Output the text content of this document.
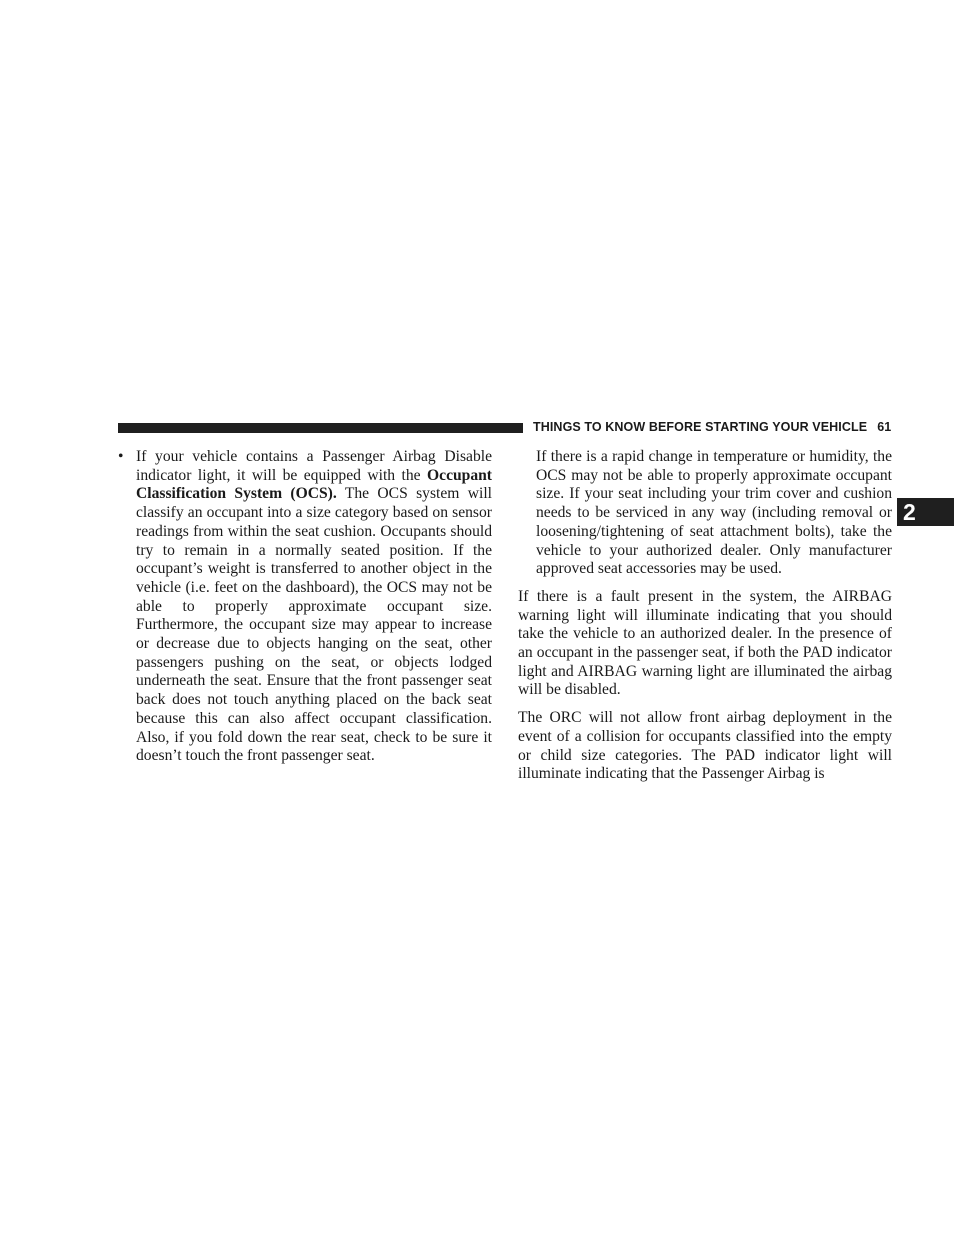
THINGS TO KNOW BEFORE STARTING YOUR VEHICLE 61
2
• If your vehicle contains a Passenger Airbag Disable indicator light, it will be equipped with the Occupant Classification System (OCS). The OCS system will classify an occupant into a size category based on sensor readings from within the seat cushion. Occupants should try to remain in a normally seated position. If the occupant’s weight is transferred to another object in the vehicle (i.e. feet on the dashboard), the OCS may not be able to properly approximate occupant size. Furthermore, the occupant size may appear to increase or decrease due to objects hanging on the seat, other passengers pushing on the seat, or objects lodged underneath the seat. Ensure that the front passenger seat back does not touch anything placed on the back seat because this can also affect occupant classification. Also, if you fold down the rear seat, check to be sure it doesn’t touch the front passenger seat.

If there is a rapid change in temperature or humidity, the OCS may not be able to properly approximate occupant size. If your seat including your trim cover and cushion needs to be serviced in any way (including removal or loosening/tightening of seat attachment bolts), take the vehicle to your authorized dealer. Only manufacturer approved seat accessories may be used.

If there is a fault present in the system, the AIRBAG warning light will illuminate indicating that you should take the vehicle to an authorized dealer. In the presence of an occupant in the passenger seat, if both the PAD indicator light and AIRBAG warning light are illuminated the airbag will be disabled.

The ORC will not allow front airbag deployment in the event of a collision for occupants classified into the empty or child size categories. The PAD indicator light will illuminate indicating that the Passenger Airbag is
